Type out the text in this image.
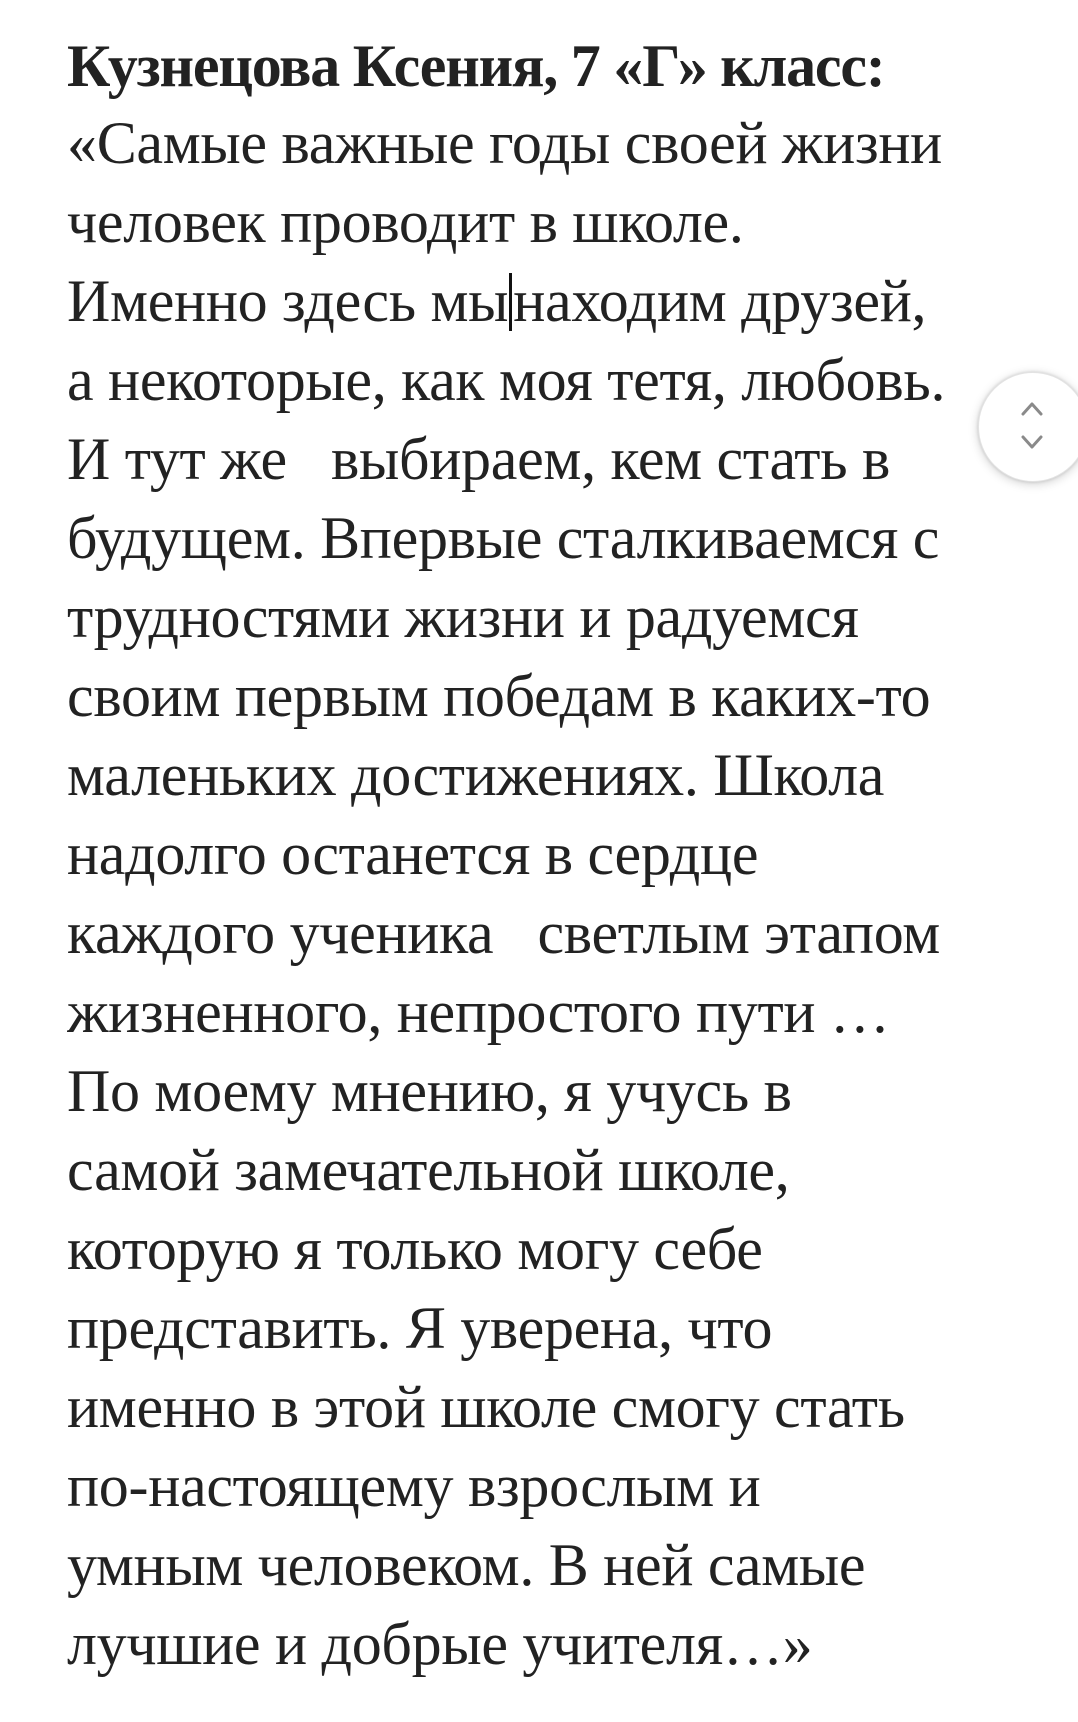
Кузнецова Ксения, 7 «Г» класс:

«Самые важные годы своей жизни
человек проводит в школе.
Именно здесь мынаходим друзей,
а некоторые, как моя тетя, любовь.
И тут же   выбираем, кем стать в
будущем. Впервые сталкиваемся с
трудностями жизни и радуемся
своим первым победам в каких-то
маленьких достижениях. Школа
надолго останется в сердце
каждого ученика   светлым этапом
жизненного, непростого пути …
По моему мнению, я учусь в
самой замечательной школе,
которую я только могу себе
представить. Я уверена, что
именно в этой школе смогу стать
по-настоящему взрослым и
умным человеком. В ней самые
лучшие и добрые учителя…»
